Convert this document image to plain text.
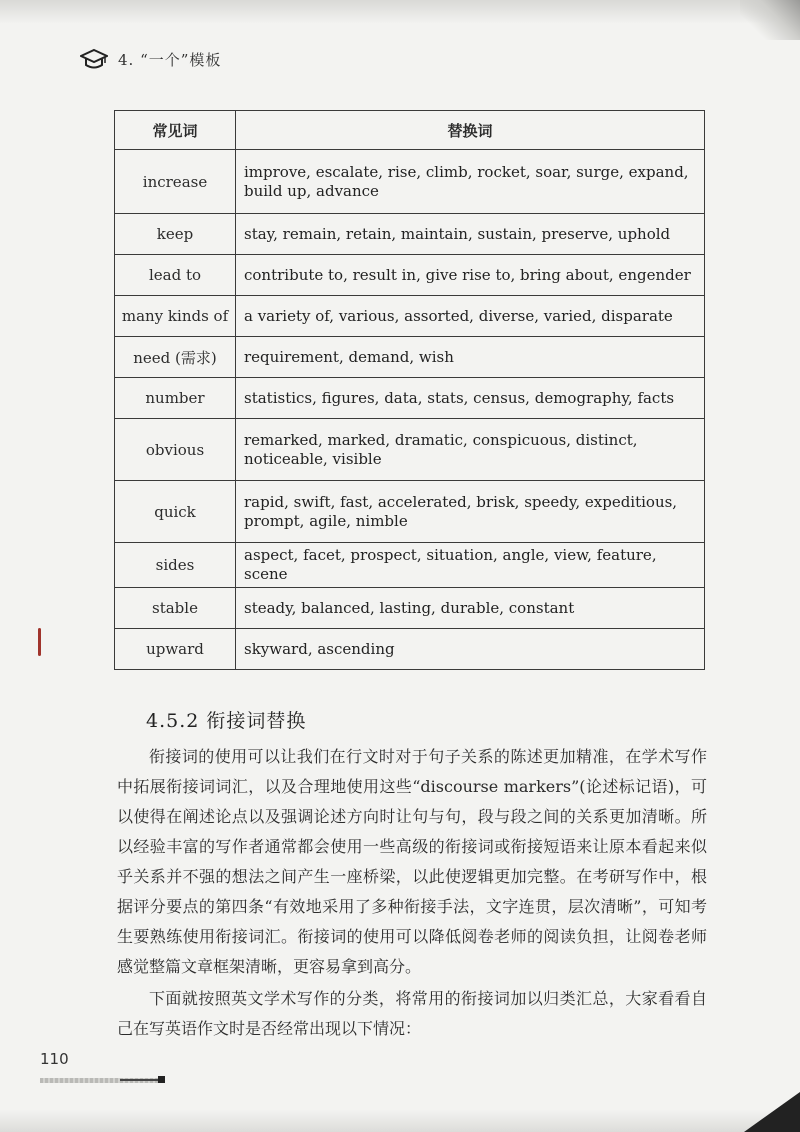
4. “一个”模板
常见词	替换词
increase	improve, escalate, rise, climb, rocket, soar, surge, expand, build up, advance
keep	stay, remain, retain, maintain, sustain, preserve, uphold
lead to	contribute to, result in, give rise to, bring about, engender
many kinds of	a variety of, various, assorted, diverse, varied, disparate
need (需求)	requirement, demand, wish
number	statistics, figures, data, stats, census, demography, facts
obvious	remarked, marked, dramatic, conspicuous, distinct, noticeable, visible
quick	rapid, swift, fast, accelerated, brisk, speedy, expeditious, prompt, agile, nimble
sides	aspect, facet, prospect, situation, angle, view, feature, scene
stable	steady, balanced, lasting, durable, constant
upward	skyward, ascending
4.5.2 衔接词替换

衔接词的使用可以让我们在行文时对于句子关系的陈述更加精准，在学术写作中拓展衔接词词汇，以及合理地使用这些“discourse markers”(论述标记语)，可以使得在阐述论点以及强调论述方向时让句与句，段与段之间的关系更加清晰。所以经验丰富的写作者通常都会使用一些高级的衔接词或衔接短语来让原本看起来似乎关系并不强的想法之间产生一座桥梁，以此使逻辑更加完整。在考研写作中，根据评分要点的第四条“有效地采用了多种衔接手法，文字连贯，层次清晰”，可知考生要熟练使用衔接词汇。衔接词的使用可以降低阅卷老师的阅读负担，让阅卷老师感觉整篇文章框架清晰，更容易拿到高分。

下面就按照英文学术写作的分类，将常用的衔接词加以归类汇总，大家看看自己在写英语作文时是否经常出现以下情况：

110
